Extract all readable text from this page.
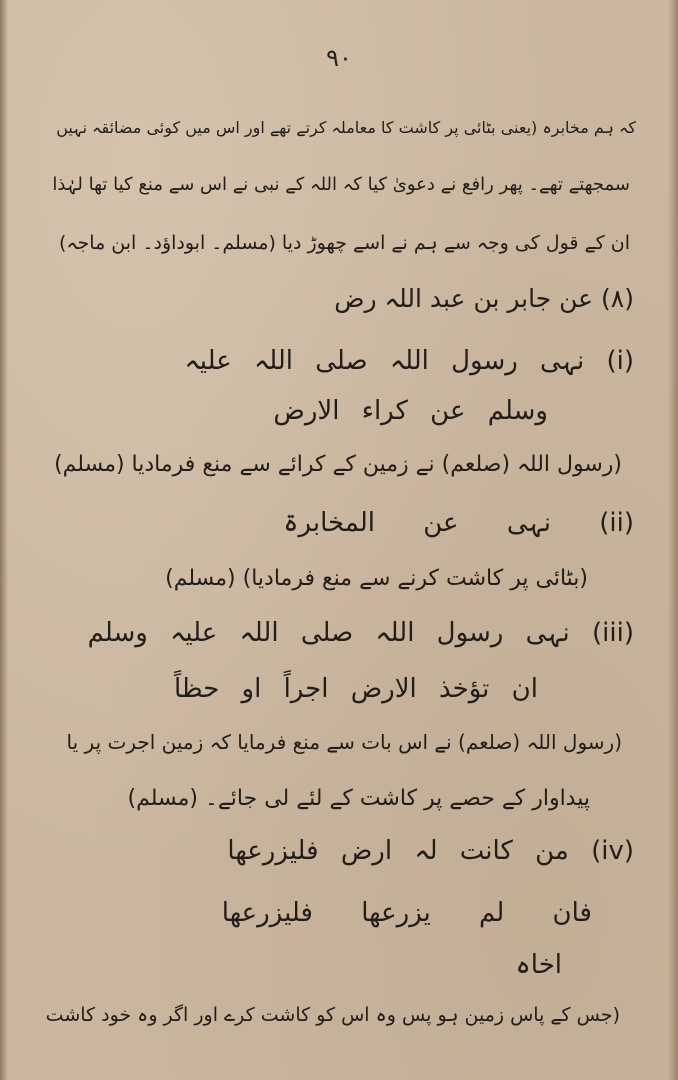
۹۰
کہ ہم مخابرہ (یعنی بٹائی پر کاشت کا معاملہ کرتے تھے اور اس میں کوئی مضائقہ نہیں
سمجھتے تھے۔ پھر رافع نے دعویٰ کیا کہ اللہ کے نبی نے اس سے منع کیا تھا لہٰذا
ان کے قول کی وجہ سے ہم نے اسے چھوڑ دیا (مسلم۔ ابوداؤد۔ ابن ماجہ)
(۸) عن جابر بن عبد اللہ رض
(i) نہی رسول اللہ صلی اللہ علیہ
وسلم عن کراء الارض
(رسول اللہ (صلعم) نے زمین کے کرائے سے منع فرمادیا (مسلم)
(ii) نہی عن المخابرۃ
(بٹائی پر کاشت کرنے سے منع فرمادیا) (مسلم)
(iii) نہی رسول اللہ صلی اللہ علیہ وسلم
ان تؤخذ الارض اجراً او حظاً
(رسول اللہ (صلعم) نے اس بات سے منع فرمایا کہ زمین اجرت پر یا
پیداوار کے حصے پر کاشت کے لئے لی جائے۔ (مسلم)
(iv) من کانت لہ ارض فلیزرعھا
فان لم یزرعھا فلیزرعھا
اخاہ
(جس کے پاس زمین ہو پس وہ اس کو کاشت کرے اور اگر وہ خود کاشت
